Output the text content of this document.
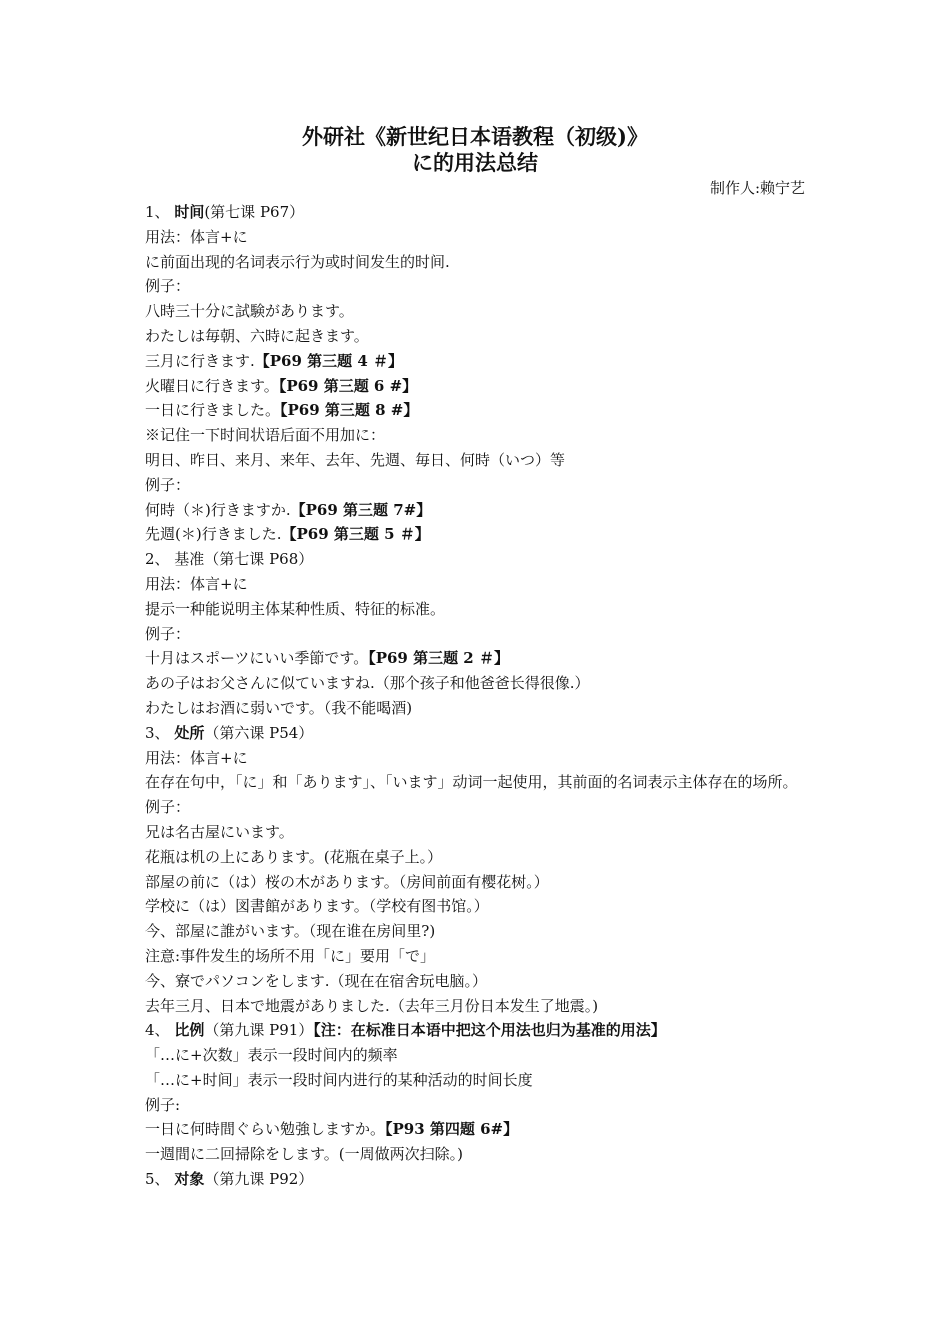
外研社《新世纪日本语教程（初级)》
に的用法总结
制作人:赖宁艺
1、 时间(第七课 P67）
用法：体言+に
に前面出现的名词表示行为或时间发生的时间.
例子：
八時三十分に試験があります。
わたしは毎朝、六時に起きます。
三月に行きます.【P69 第三题 4 ＃】
火曜日に行きます。【P69 第三题 6 #】
一日に行きました。【P69 第三题 8 #】
※记住一下时间状语后面不用加に：
明日、昨日、来月、来年、去年、先週、毎日、何時（いつ）等
例子：
何時（＊)行きますか.【P69 第三题 7#】
先週(＊)行きました.【P69 第三题 5 ＃】
2、 基准（第七课 P68）
用法：体言+に
提示一种能说明主体某种性质、特征的标准。
例子：
十月はスポーツにいい季節です。【P69 第三题 2 ＃】
あの子はお父さんに似ていますね.（那个孩子和他爸爸长得很像.）
わたしはお酒に弱いです。（我不能喝酒)
3、 处所（第六课 P54）
用法：体言+に
在存在句中，「に」和「あります」、「います」动词一起使用，其前面的名词表示主体存在的场所。
例子：
兄は名古屋にいます。
花瓶は机の上にあります。(花瓶在桌子上。）
部屋の前に（は）桜の木があります。（房间前面有樱花树。）
学校に（は）図書館があります。（学校有图书馆。）
今、部屋に誰がいます。（现在谁在房间里?)
注意:事件发生的场所不用「に」要用「で」
今、寮でパソコンをします.（现在在宿舍玩电脑。）
去年三月、日本で地震がありました.（去年三月份日本发生了地震。)
4、 比例（第九课 P91）【注：在标准日本语中把这个用法也归为基准的用法】
「…に+次数」表示一段时间内的频率
「…に+时间」表示一段时间内进行的某种活动的时间长度
例子:
一日に何時間ぐらい勉強しますか。【P93 第四题 6#】
一週間に二回掃除をします。(一周做两次扫除。)
5、 对象（第九课 P92）
